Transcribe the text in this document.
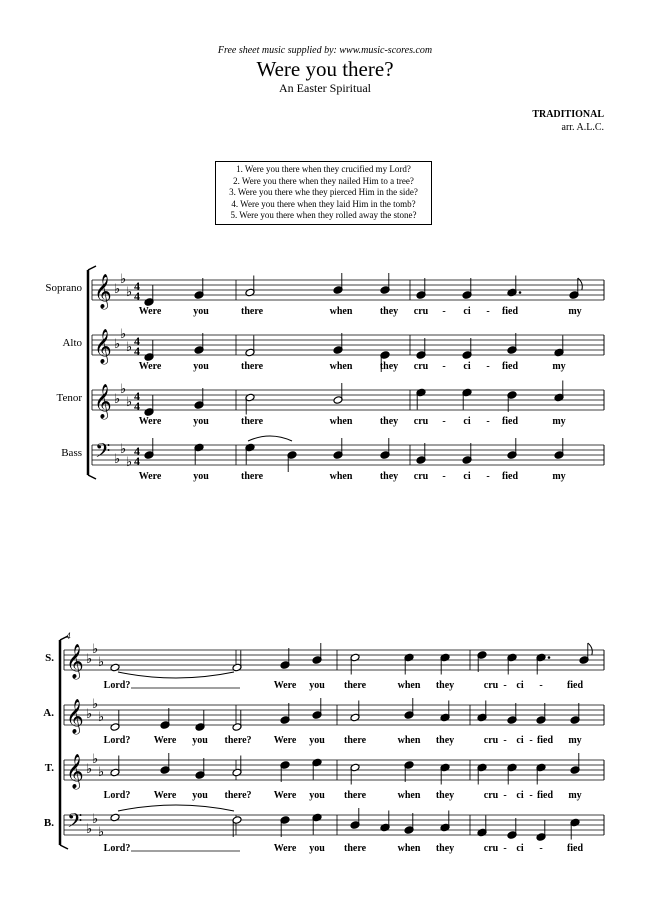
Free sheet music supplied by: www.music-scores.com
Were you there?
An Easter Spiritual
TRADITIONAL
arr. A.L.C.
1. Were you there when they crucified my Lord?
2. Were you there when they nailed Him to a tree?
3. Were you there whe they pierced Him in the side?
4. Were you there when they laid Him in the tomb?
5. Were you there when they rolled away the stone?
𝄞 ♭
♭
♭ 4
4
𝄞 ♭
♭
♭ 4
4
𝄞 ♭
♭
♭ 4
4
𝄢 ♭
♭
♭
4
4
𝄞 ♭
♭
♭
𝄞 ♭
♭
♭
𝄞 ♭
♭
♭
𝄢 ♭
♭
♭
Soprano
Alto
Tenor
Bass
S.
A.
T.
B.
4
Were	you	there	when	they cru - ci - fied	my
Were	you	there	when	they cru - ci - fied	my
Were	you	there	when	they cru - ci - fied	my
Were	you	there	when	they cru - ci - fied	my
Lord?	Were you there	when they	cru - ci - fied
Lord? Were you there? Were you there	when they	cru - ci - fied my
Lord? Were you there? Were you there	when they	cru - ci - fied my
Lord?	Were you there	when they	cru - ci - fied
